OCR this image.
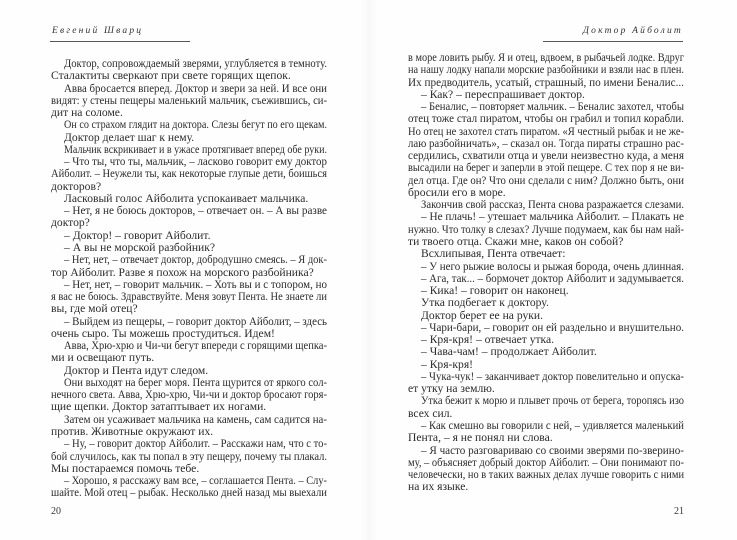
Евгений Шварц
Доктор, сопровождаемый зверями, углубляется в темноту.
Сталактиты сверкают при свете горящих щепок.
Авва бросается вперед. Доктор и звери за ней. И все они
видят: у стены пещеры маленький мальчик, съежившись, си-
дит на соломе.
Он со страхом глядит на доктора. Слезы бегут по его щекам.
Доктор делает шаг к нему.
Мальчик вскрикивает и в ужасе протягивает вперед обе руки.
– Что ты, что ты, мальчик, – ласково говорит ему доктор
Айболит. – Неужели ты, как некоторые глупые дети, боишься
докторов?
Ласковый голос Айболита успокаивает мальчика.
– Нет, я не боюсь докторов, – отвечает он. – А вы разве
доктор?
– Доктор! – говорит Айболит.
– А вы не морской разбойник?
– Нет, нет, – отвечает доктор, добродушно смеясь. – Я док-
тор Айболит. Разве я похож на морского разбойника?
– Нет, нет, – говорит мальчик. – Хоть вы и с топором, но
я вас не боюсь. Здравствуйте. Меня зовут Пента. Не знаете ли
вы, где мой отец?
– Выйдем из пещеры, – говорит доктор Айболит, – здесь
очень сыро. Ты можешь простудиться. Идем!
Авва, Хрю-хрю и Чи-чи бегут впереди с горящими щепка-
ми и освещают путь.
Доктор и Пента идут следом.
Они выходят на берег моря. Пента щурится от яркого сол-
нечного света. Авва, Хрю-хрю, Чи-чи и доктор бросают горя-
щие щепки. Доктор затаптывает их ногами.
Затем он усаживает мальчика на камень, сам садится на-
против. Животные окружают их.
– Ну, – говорит доктор Айболит. – Расскажи нам, что с то-
бой случилось, как ты попал в эту пещеру, почему ты плакал.
Мы постараемся помочь тебе.
– Хорошо, я расскажу вам все, – соглашается Пента. – Слу-
шайте. Мой отец – рыбак. Несколько дней назад мы выехали
20
Доктор Айболит
в море ловить рыбу. Я и отец, вдвоем, в рыбачьей лодке. Вдруг
на нашу лодку напали морские разбойники и взяли нас в плен.
Их предводитель, усатый, страшный, по имени Беналис...
– Как? – переспрашивает доктор.
– Беналис, – повторяет мальчик. – Беналис захотел, чтобы
отец тоже стал пиратом, чтобы он грабил и топил корабли.
Но отец не захотел стать пиратом. «Я честный рыбак и не же-
лаю разбойничать», – сказал он. Тогда пираты страшно рас-
сердились, схватили отца и увели неизвестно куда, а меня
высадили на берег и заперли в этой пещере. С тех пор я не ви-
дел отца. Где он? Что они сделали с ним? Должно быть, они
бросили его в море.
Закончив свой рассказ, Пента снова разражается слезами.
– Не плачь! – утешает мальчика Айболит. – Плакать не
нужно. Что толку в слезах? Лучше подумаем, как бы нам най-
ти твоего отца. Скажи мне, каков он собой?
Всхлипывая, Пента отвечает:
– У него рыжие волосы и рыжая борода, очень длинная.
– Ага, так... – бормочет доктор Айболит и задумывается.
– Кика! – говорит он наконец.
Утка подбегает к доктору.
Доктор берет ее на руки.
– Чари-бари, – говорит он ей раздельно и внушительно.
– Кря-кря! – отвечает утка.
– Чава-чам! – продолжает Айболит.
– Кря-кря!
– Чука-чук! – заканчивает доктор повелительно и опуска-
ет утку на землю.
Утка бежит к морю и плывет прочь от берега, торопясь изо
всех сил.
– Как смешно вы говорили с ней, – удивляется маленький
Пента, – я не понял ни слова.
– Я часто разговариваю со своими зверями по-зверино-
му, – объясняет добрый доктор Айболит. – Они понимают по-
человечески, но в таких важных делах лучше говорить с ними
на их языке.
21
